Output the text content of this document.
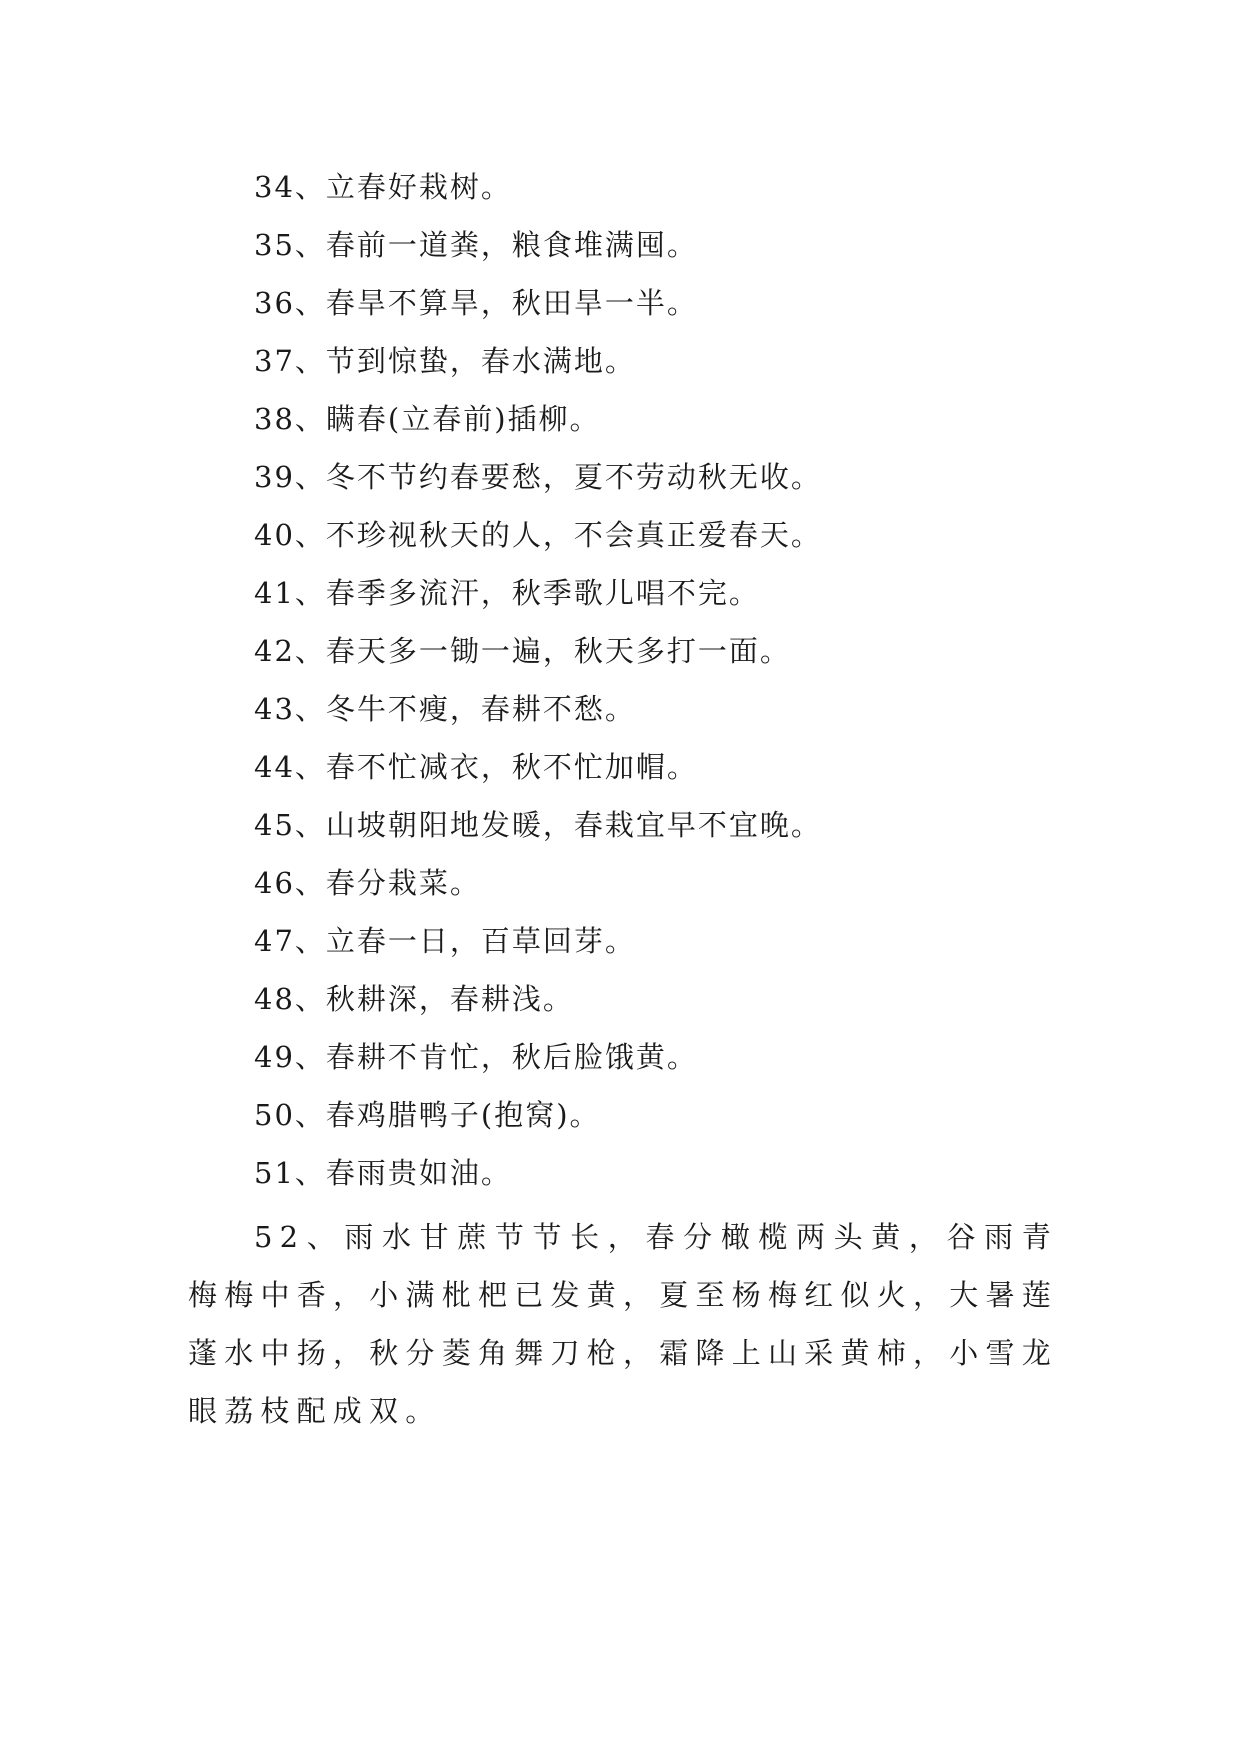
34、立春好栽树。
35、春前一道粪，粮食堆满囤。
36、春旱不算旱，秋田旱一半。
37、节到惊蛰，春水满地。
38、瞒春(立春前)插柳。
39、冬不节约春要愁，夏不劳动秋无收。
40、不珍视秋天的人，不会真正爱春天。
41、春季多流汗，秋季歌儿唱不完。
42、春天多一锄一遍，秋天多打一面。
43、冬牛不瘦，春耕不愁。
44、春不忙减衣，秋不忙加帽。
45、山坡朝阳地发暖，春栽宜早不宜晚。
46、春分栽菜。
47、立春一日，百草回芽。
48、秋耕深，春耕浅。
49、春耕不肯忙，秋后脸饿黄。
50、春鸡腊鸭子(抱窝)。
51、春雨贵如油。
52、雨水甘蔗节节长，春分橄榄两头黄，谷雨青梅梅中香，小满枇杷已发黄，夏至杨梅红似火，大暑莲蓬水中扬，秋分菱角舞刀枪，霜降上山采黄柿，小雪龙眼荔枝配成双。
